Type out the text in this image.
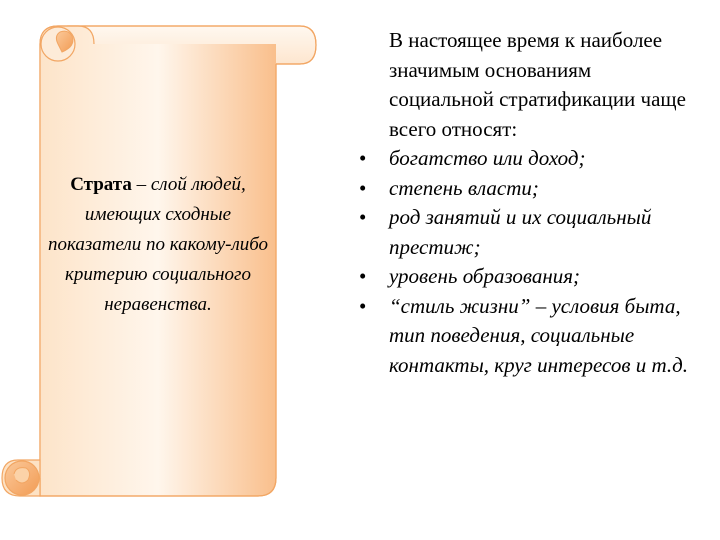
Страта – слой людей, имеющих сходные показатели по какому-либо критерию социального неравенства.

В настоящее время к наиболее значимым основаниям социальной стратификации чаще всего относят:

• богатство или доход;
• степень власти;
• род занятий и их социальный престиж;
• уровень образования;
• “стиль жизни” – условия быта, тип поведения, социальные контакты, круг интересов и т.д.
